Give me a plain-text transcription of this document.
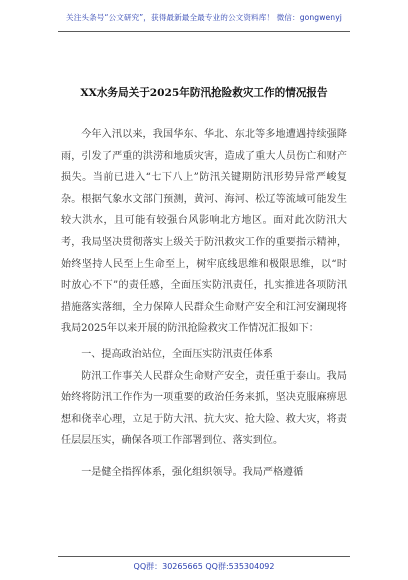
关注头条号“公文研究”，获得最新最全最专业的公文资料库！ 微信：gongwenyj
XX水务局关于2025年防汛抢险救灾工作的情况报告

今年入汛以来，我国华东、华北、东北等多地遭遇持续强降雨，引发了严重的洪涝和地质灾害，造成了重大人员伤亡和财产损失。当前已进入“七下八上”防汛关键期防汛形势异常严峻复杂。根据气象水文部门预测，黄河、海河、松辽等流域可能发生较大洪水，且可能有较强台风影响北方地区。面对此次防汛大考，我局坚决贯彻落实上级关于防汛救灾工作的重要指示精神，始终坚持人民至上生命至上，树牢底线思维和极限思维，以“时时放心不下”的责任感，全面压实防汛责任，扎实推进各项防汛措施落实落细，全力保障人民群众生命财产安全和江河安澜现将我局2025年以来开展的防汛抢险救灾工作情况汇报如下：

一、提高政治站位，全面压实防汛责任体系

防汛工作事关人民群众生命财产安全，责任重于泰山。我局始终将防汛工作作为一项重要的政治任务来抓，坚决克服麻痹思想和侥幸心理，立足于防大汛、抗大灾、抢大险、救大灾，将责任层层压实，确保各项工作部署到位、落实到位。

一是健全指挥体系，强化组织领导。我局严格遵循

QQ群：30265665 QQ群:535304092
